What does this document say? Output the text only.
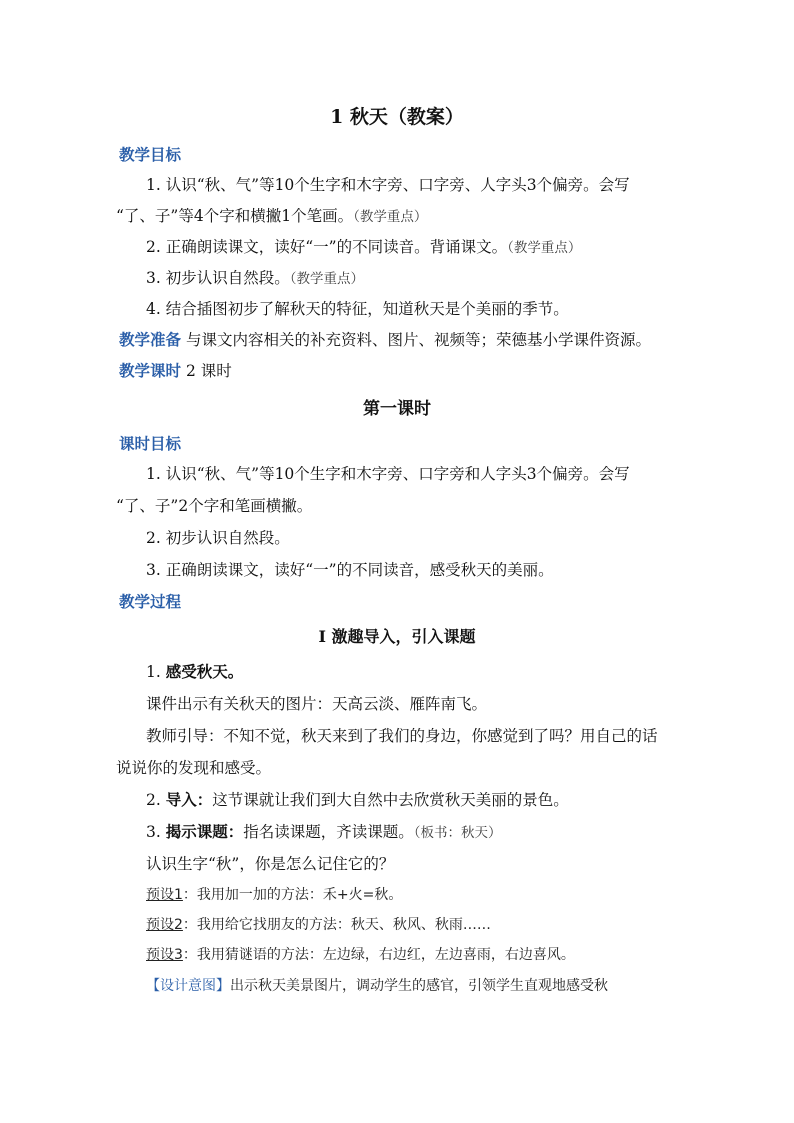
1 秋天（教案）
教学目标
1. 认识“秋、气”等10个生字和木字旁、口字旁、人字头3个偏旁。会写
“了、子”等4个字和横撇1个笔画。（教学重点）
2. 正确朗读课文，读好“一”的不同读音。背诵课文。（教学重点）
3. 初步认识自然段。（教学重点）
4. 结合插图初步了解秋天的特征，知道秋天是个美丽的季节。
教学准备 与课文内容相关的补充资料、图片、视频等；荣德基小学课件资源。
教学课时 2 课时
第一课时
课时目标
1. 认识“秋、气”等10个生字和木字旁、口字旁和人字头3个偏旁。会写
“了、子”2个字和笔画横撇。
2. 初步认识自然段。
3. 正确朗读课文，读好“一”的不同读音，感受秋天的美丽。
教学过程
Ⅰ 激趣导入，引入课题
1. 感受秋天。
课件出示有关秋天的图片：天高云淡、雁阵南飞。
教师引导：不知不觉，秋天来到了我们的身边，你感觉到了吗？用自己的话
说说你的发现和感受。
2. 导入：这节课就让我们到大自然中去欣赏秋天美丽的景色。
3. 揭示课题：指名读课题，齐读课题。（板书：秋天）
认识生字“秋”，你是怎么记住它的？
预设1：我用加一加的方法：禾+火=秋。
预设2：我用给它找朋友的方法：秋天、秋风、秋雨……
预设3：我用猜谜语的方法：左边绿，右边红，左边喜雨，右边喜风。
【设计意图】出示秋天美景图片，调动学生的感官，引领学生直观地感受秋
